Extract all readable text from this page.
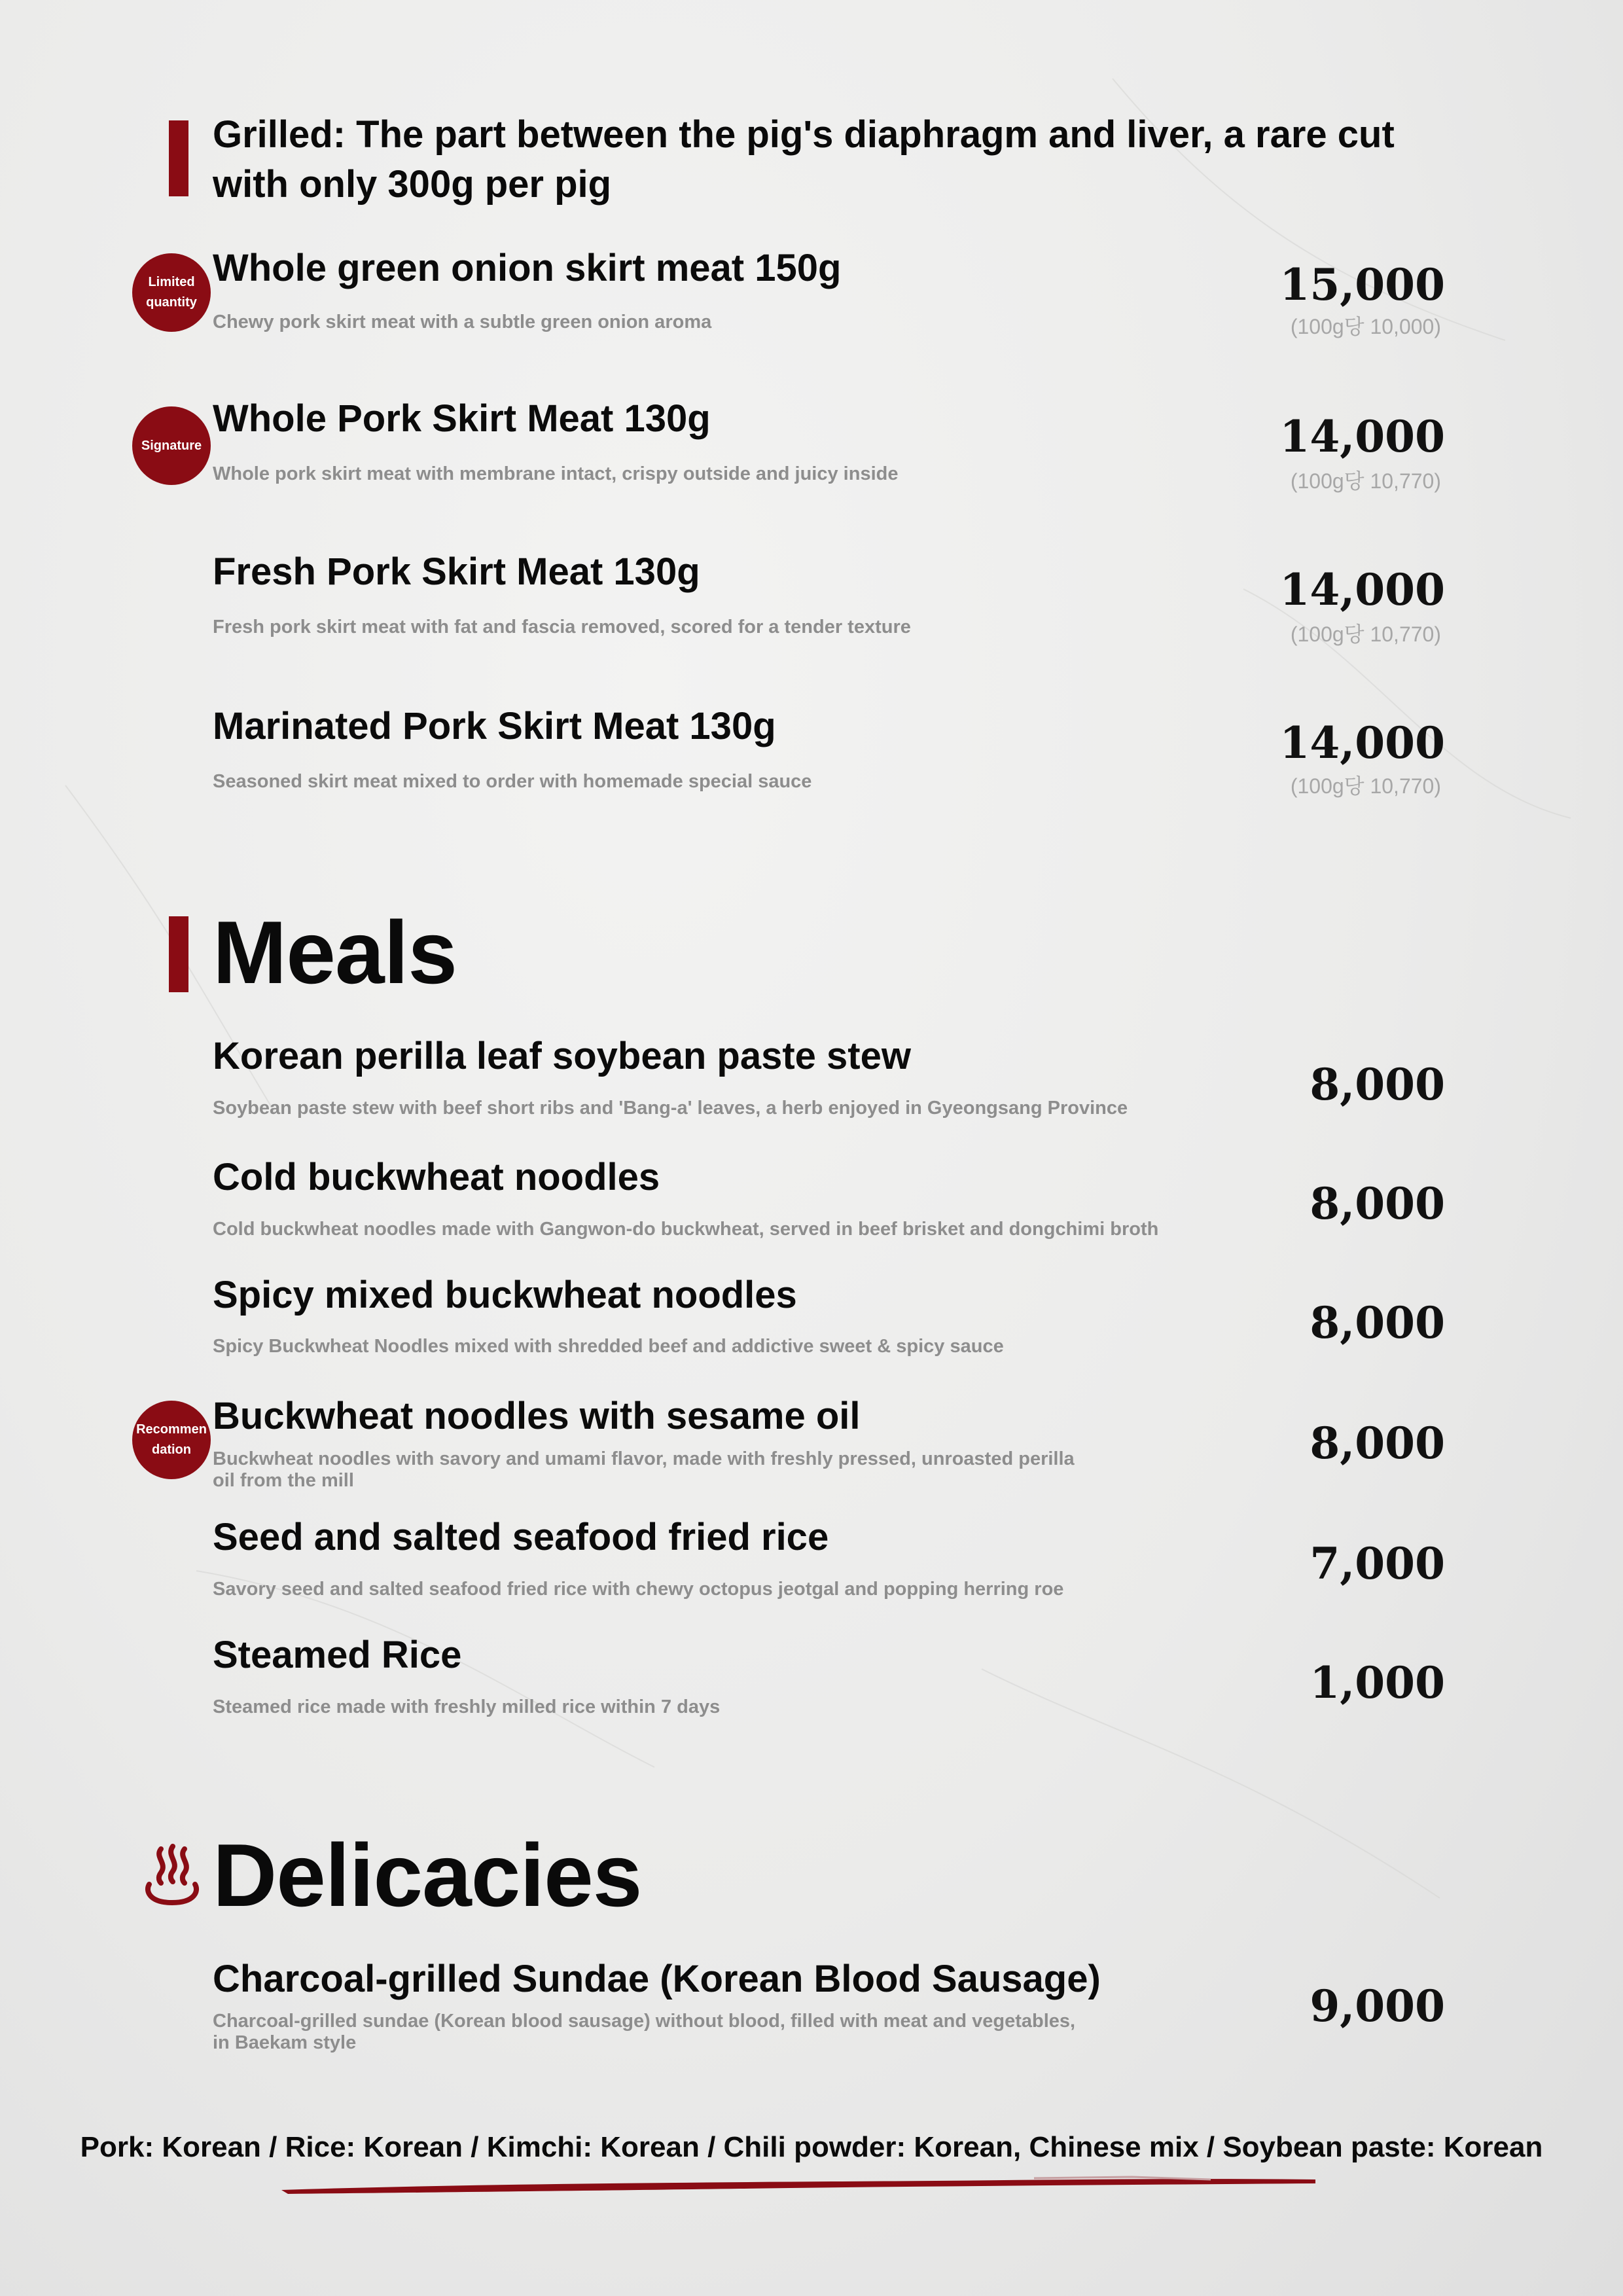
Grilled: The part between the pig's diaphragm and liver, a rare cut with only 300g per pig
Limited quantity
Whole green onion skirt meat 150g
Chewy pork skirt meat with a subtle green onion aroma
15,000
(100g당 10,000)
Signature
Whole Pork Skirt Meat 130g
Whole pork skirt meat with membrane intact, crispy outside and juicy inside
14,000
(100g당 10,770)
Fresh Pork Skirt Meat 130g
Fresh pork skirt meat with fat and fascia removed, scored for a tender texture
14,000
(100g당 10,770)
Marinated Pork Skirt Meat 130g
Seasoned skirt meat mixed to order with homemade special sauce
14,000
(100g당 10,770)
Meals
Korean perilla leaf soybean paste stew
Soybean paste stew with beef short ribs and 'Bang-a' leaves, a herb enjoyed in Gyeongsang Province	8,000
Cold buckwheat noodles
Cold buckwheat noodles made with Gangwon-do buckwheat, served in beef brisket and dongchimi broth	8,000
Spicy mixed buckwheat noodles
Spicy Buckwheat Noodles mixed with shredded beef and addictive sweet & spicy sauce	8,000
Recommen dation
Buckwheat noodles with sesame oil
Buckwheat noodles with savory and umami flavor, made with freshly pressed, unroasted perilla oil from the mill
8,000
Seed and salted seafood fried rice
Savory seed and salted seafood fried rice with chewy octopus jeotgal and popping herring roe	7,000
Steamed Rice
Steamed rice made with freshly milled rice within 7 days	1,000
Delicacies
Charcoal-grilled Sundae (Korean Blood Sausage)
Charcoal-grilled sundae (Korean blood sausage) without blood, filled with meat and vegetables, in Baekam style
9,000
Pork: Korean / Rice: Korean / Kimchi: Korean / Chili powder: Korean, Chinese mix / Soybean paste: Korean
